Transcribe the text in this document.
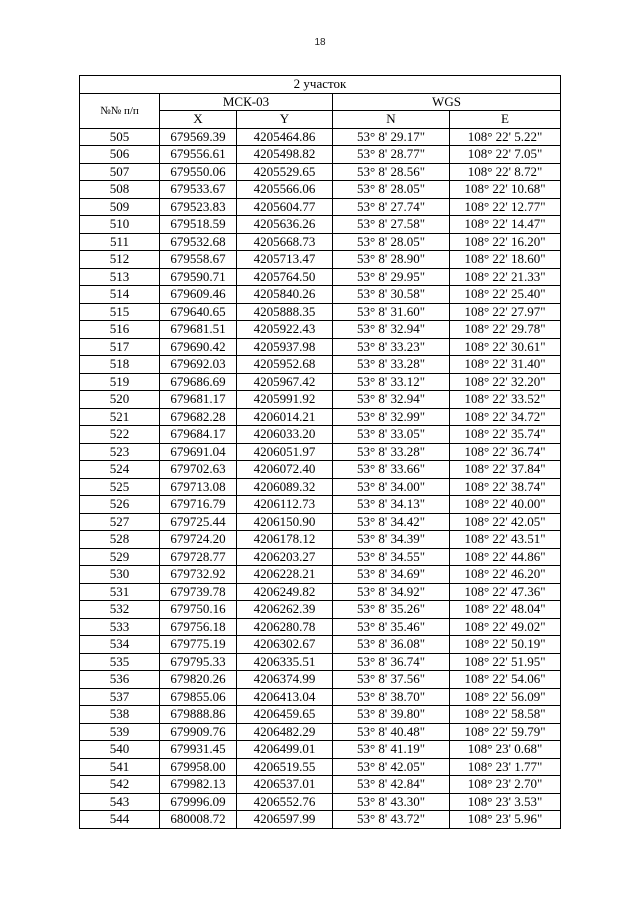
18
2 участок				
№№ п/п	МСК-03		WGS	
	X	Y	N	E
505	679569.39	4205464.86	53° 8' 29.17"	108° 22' 5.22"
506	679556.61	4205498.82	53° 8' 28.77"	108° 22' 7.05"
507	679550.06	4205529.65	53° 8' 28.56"	108° 22' 8.72"
508	679533.67	4205566.06	53° 8' 28.05"	108° 22' 10.68"
509	679523.83	4205604.77	53° 8' 27.74"	108° 22' 12.77"
510	679518.59	4205636.26	53° 8' 27.58"	108° 22' 14.47"
511	679532.68	4205668.73	53° 8' 28.05"	108° 22' 16.20"
512	679558.67	4205713.47	53° 8' 28.90"	108° 22' 18.60"
513	679590.71	4205764.50	53° 8' 29.95"	108° 22' 21.33"
514	679609.46	4205840.26	53° 8' 30.58"	108° 22' 25.40"
515	679640.65	4205888.35	53° 8' 31.60"	108° 22' 27.97"
516	679681.51	4205922.43	53° 8' 32.94"	108° 22' 29.78"
517	679690.42	4205937.98	53° 8' 33.23"	108° 22' 30.61"
518	679692.03	4205952.68	53° 8' 33.28"	108° 22' 31.40"
519	679686.69	4205967.42	53° 8' 33.12"	108° 22' 32.20"
520	679681.17	4205991.92	53° 8' 32.94"	108° 22' 33.52"
521	679682.28	4206014.21	53° 8' 32.99"	108° 22' 34.72"
522	679684.17	4206033.20	53° 8' 33.05"	108° 22' 35.74"
523	679691.04	4206051.97	53° 8' 33.28"	108° 22' 36.74"
524	679702.63	4206072.40	53° 8' 33.66"	108° 22' 37.84"
525	679713.08	4206089.32	53° 8' 34.00"	108° 22' 38.74"
526	679716.79	4206112.73	53° 8' 34.13"	108° 22' 40.00"
527	679725.44	4206150.90	53° 8' 34.42"	108° 22' 42.05"
528	679724.20	4206178.12	53° 8' 34.39"	108° 22' 43.51"
529	679728.77	4206203.27	53° 8' 34.55"	108° 22' 44.86"
530	679732.92	4206228.21	53° 8' 34.69"	108° 22' 46.20"
531	679739.78	4206249.82	53° 8' 34.92"	108° 22' 47.36"
532	679750.16	4206262.39	53° 8' 35.26"	108° 22' 48.04"
533	679756.18	4206280.78	53° 8' 35.46"	108° 22' 49.02"
534	679775.19	4206302.67	53° 8' 36.08"	108° 22' 50.19"
535	679795.33	4206335.51	53° 8' 36.74"	108° 22' 51.95"
536	679820.26	4206374.99	53° 8' 37.56"	108° 22' 54.06"
537	679855.06	4206413.04	53° 8' 38.70"	108° 22' 56.09"
538	679888.86	4206459.65	53° 8' 39.80"	108° 22' 58.58"
539	679909.76	4206482.29	53° 8' 40.48"	108° 22' 59.79"
540	679931.45	4206499.01	53° 8' 41.19"	108° 23' 0.68"
541	679958.00	4206519.55	53° 8' 42.05"	108° 23' 1.77"
542	679982.13	4206537.01	53° 8' 42.84"	108° 23' 2.70"
543	679996.09	4206552.76	53° 8' 43.30"	108° 23' 3.53"
544	680008.72	4206597.99	53° 8' 43.72"	108° 23' 5.96"
